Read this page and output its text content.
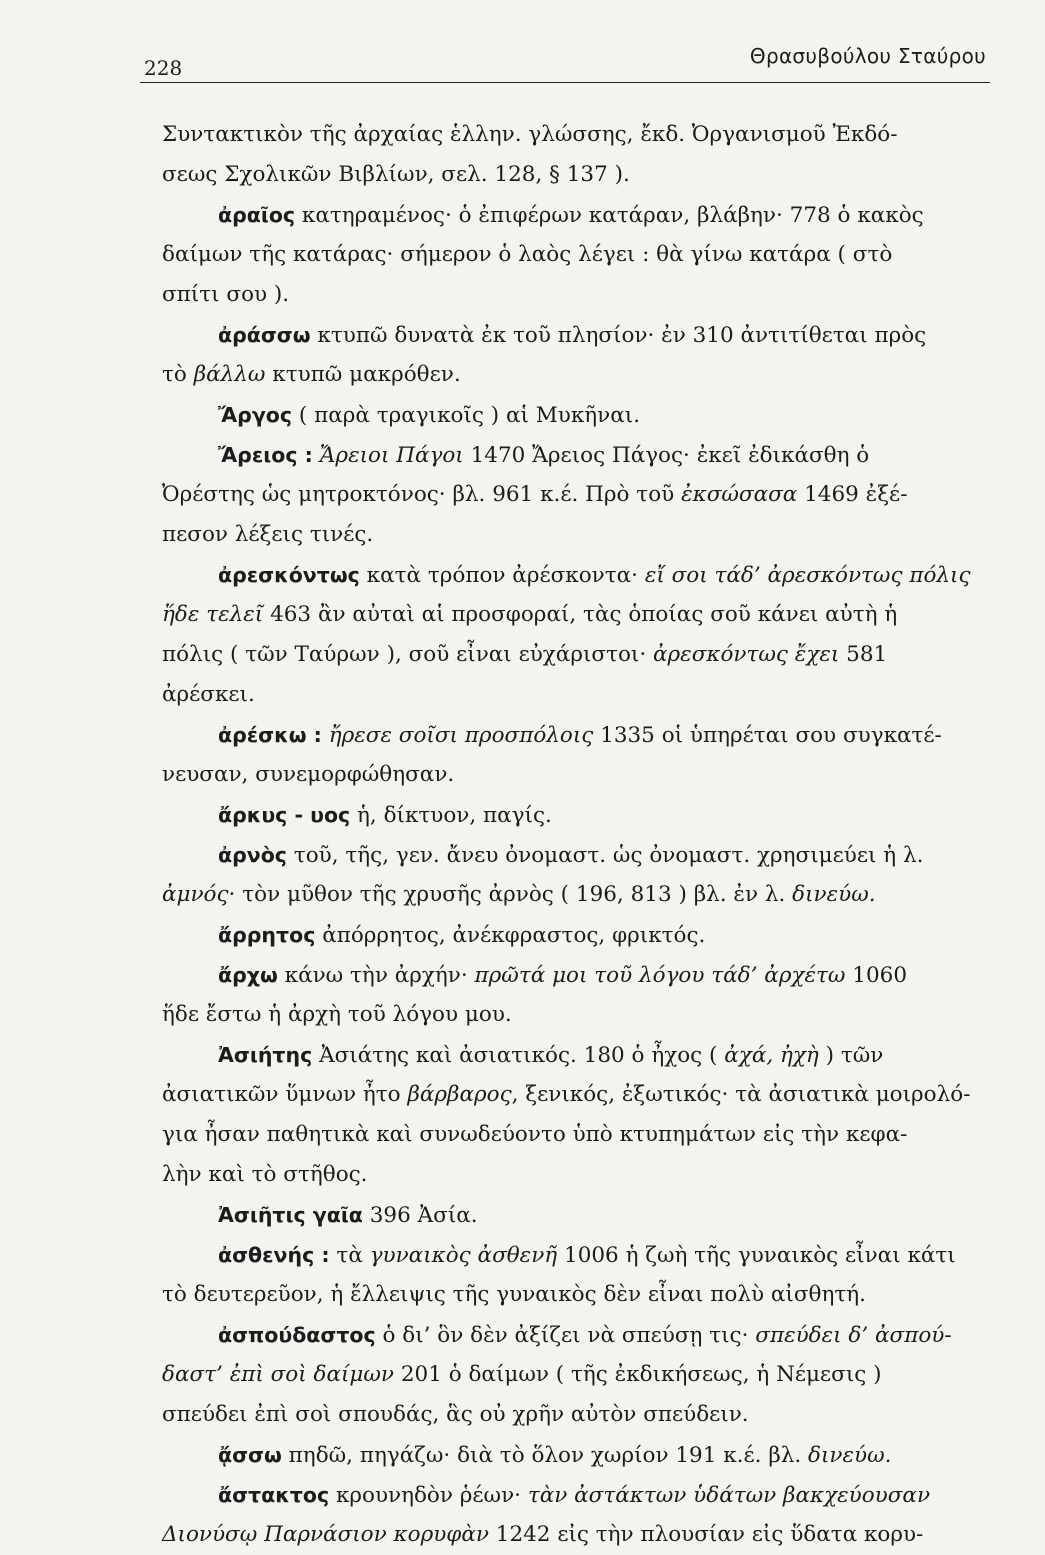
228	Θρασυβούλου Σταύρου
Συντακτικὸν τῆς ἀρχαίας ἑλλην. γλώσσης, ἔκδ. Ὀργανισμοῦ Ἐκδό-
σεως Σχολικῶν Βιβλίων, σελ. 128, § 137 ).
ἀραῖος κατηραμένος· ὁ ἐπιφέρων κατάραν, βλάβην· 778 ὁ κακὸς
δαίμων τῆς κατάρας· σήμερον ὁ λαὸς λέγει : θὰ γίνω κατάρα ( στὸ
σπίτι σου ).
ἀράσσω κτυπῶ δυνατὰ ἐκ τοῦ πλησίον· ἐν 310 ἀντιτίθεται πρὸς
τὸ βάλλω κτυπῶ μακρόθεν.
Ἄργος ( παρὰ τραγικοῖς ) αἱ Μυκῆναι.
Ἄρειος : Ἄρειοι Πάγοι 1470 Ἄρειος Πάγος· ἐκεῖ ἐδικάσθη ὁ
Ὀρέστης ὡς μητροκτόνος· βλ. 961 κ.έ. Πρὸ τοῦ ἐκσώσασα 1469 ἐξέ-
πεσον λέξεις τινές.
ἀρεσκόντως κατὰ τρόπον ἀρέσκοντα· εἴ σοι τάδ’ ἀρεσκόντως πόλις
ἥδε τελεῖ 463 ἂν αὐταὶ αἱ προσφοραί, τὰς ὁποίας σοῦ κάνει αὐτὴ ἡ
πόλις ( τῶν Ταύρων ), σοῦ εἶναι εὐχάριστοι· ἀρεσκόντως ἔχει 581
ἀρέσκει.
ἀρέσκω : ἤρεσε σοῖσι προσπόλοις 1335 οἱ ὑπηρέται σου συγκατέ-
νευσαν, συνεμορφώθησαν.
ἄρκυς - υος ἡ, δίκτυον, παγίς.
ἀρνὸς τοῦ, τῆς, γεν. ἄνευ ὀνομαστ. ὡς ὀνομαστ. χρησιμεύει ἡ λ.
ἀμνός· τὸν μῦθον τῆς χρυσῆς ἀρνὸς ( 196, 813 ) βλ. ἐν λ. δινεύω.
ἄρρητος ἀπόρρητος, ἀνέκφραστος, φρικτός.
ἄρχω κάνω τὴν ἀρχήν· πρῶτά μοι τοῦ λόγου τάδ’ ἀρχέτω 1060
ἥδε ἔστω ἡ ἀρχὴ τοῦ λόγου μου.
Ἀσιήτης Ἀσιάτης καὶ ἀσιατικός. 180 ὁ ἦχος ( ἀχά, ἠχὴ ) τῶν
ἀσιατικῶν ὕμνων ἦτο βάρβαρος, ξενικός, ἐξωτικός· τὰ ἀσιατικὰ μοιρολό-
για ἦσαν παθητικὰ καὶ συνωδεύοντο ὑπὸ κτυπημάτων εἰς τὴν κεφα-
λὴν καὶ τὸ στῆθος.
Ἀσιῆτις γαῖα 396 Ἀσία.
ἀσθενής : τὰ γυναικὸς ἀσθενῆ 1006 ἡ ζωὴ τῆς γυναικὸς εἶναι κάτι
τὸ δευτερεῦον, ἡ ἔλλειψις τῆς γυναικὸς δὲν εἶναι πολὺ αἰσθητή.
ἀσπούδαστος ὁ δι’ ὃν δὲν ἀξίζει νὰ σπεύσῃ τις· σπεύδει δ’ ἀσπού-
δαστ’ ἐπὶ σοὶ δαίμων 201 ὁ δαίμων ( τῆς ἐκδικήσεως, ἡ Νέμεσις )
σπεύδει ἐπὶ σοὶ σπουδάς, ἃς οὐ χρῆν αὐτὸν σπεύδειν.
ᾄσσω πηδῶ, πηγάζω· διὰ τὸ ὅλον χωρίον 191 κ.έ. βλ. δινεύω.
ἄστακτος κρουνηδὸν ῥέων· τὰν ἀστάκτων ὑδάτων βακχεύουσαν
Διονύσῳ Παρνάσιον κορυφὰν 1242 εἰς τὴν πλουσίαν εἰς ὕδατα κορυ-
